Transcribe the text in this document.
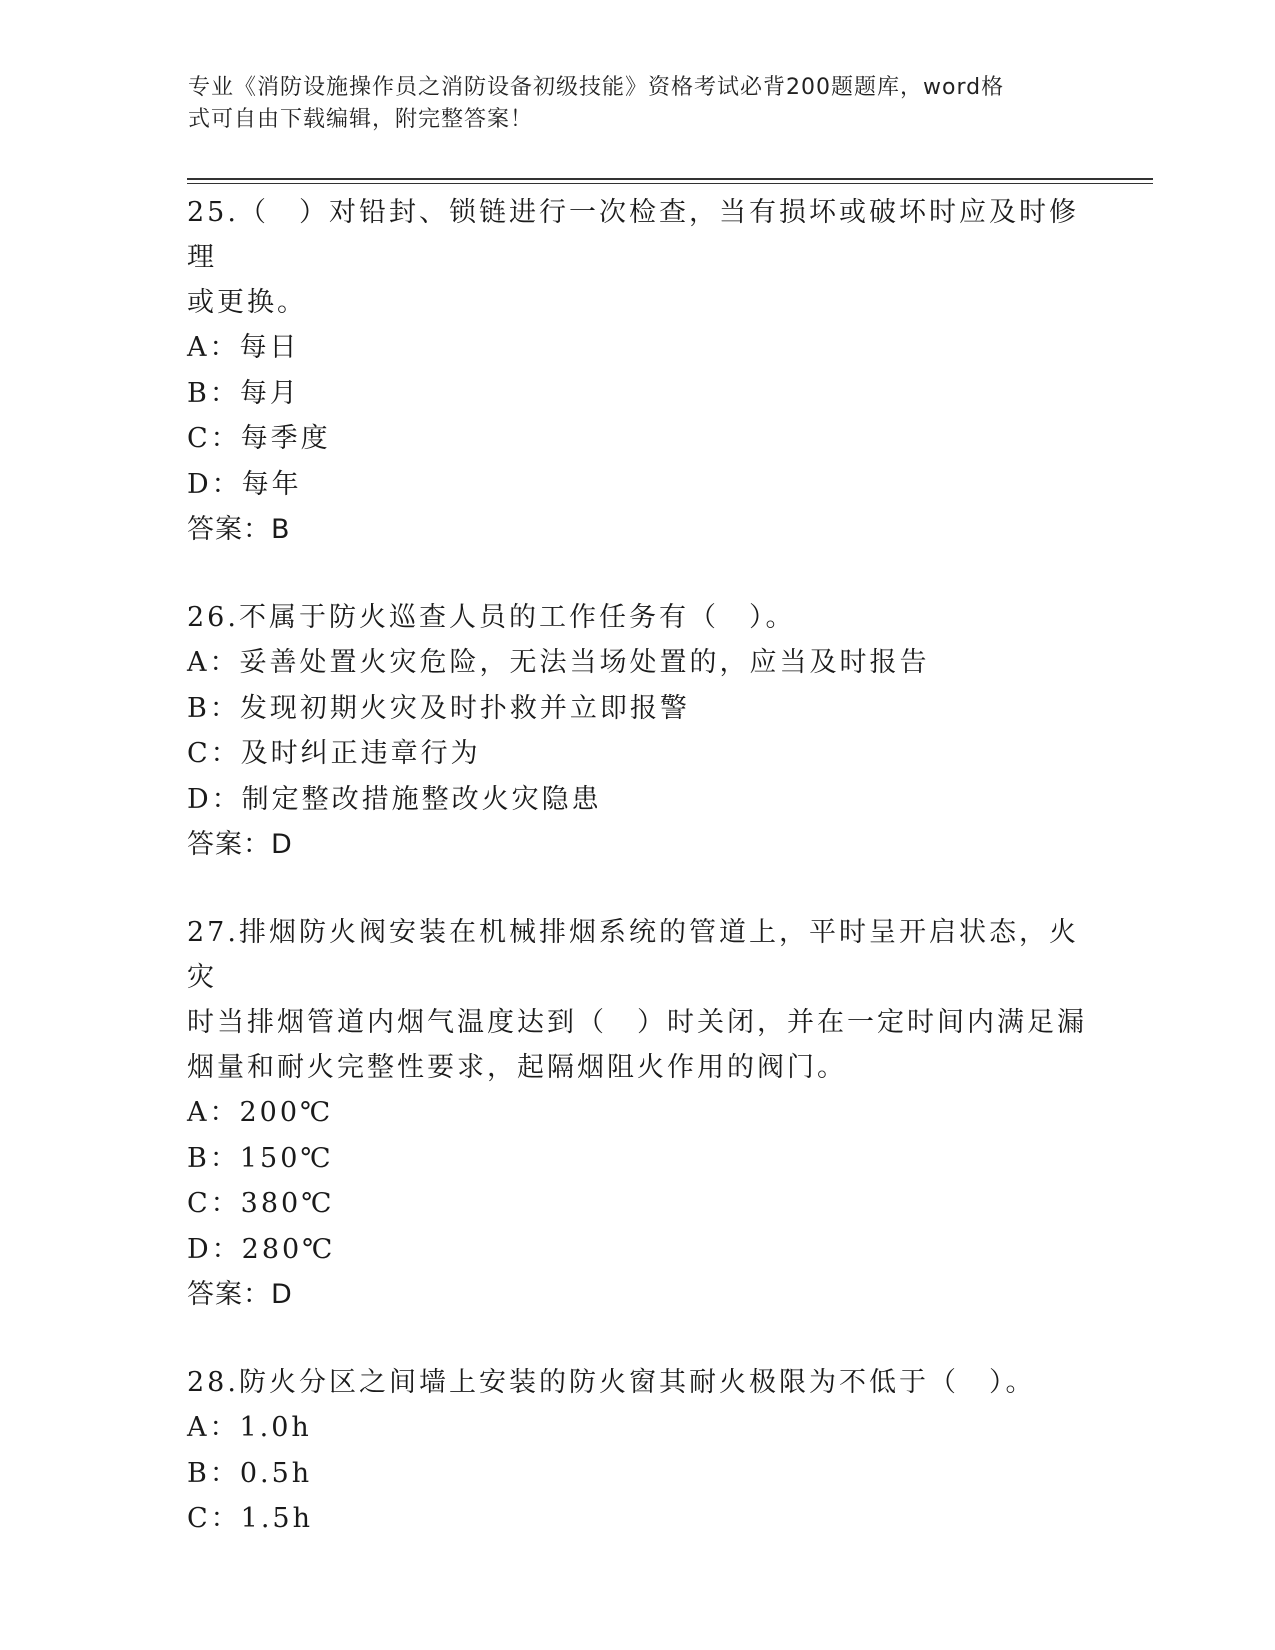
专业《消防设施操作员之消防设备初级技能》资格考试必背200题题库，word格
式可自由下载编辑，附完整答案！

25.（　）对铅封、锁链进行一次检查，当有损坏或破坏时应及时修理

或更换。

A：每日

B：每月

C：每季度

D：每年

答案：B

26.不属于防火巡查人员的工作任务有（　）。

A：妥善处置火灾危险，无法当场处置的，应当及时报告

B：发现初期火灾及时扑救并立即报警

C：及时纠正违章行为

D：制定整改措施整改火灾隐患

答案：D

27.排烟防火阀安装在机械排烟系统的管道上，平时呈开启状态，火灾

时当排烟管道内烟气温度达到（　）时关闭，并在一定时间内满足漏

烟量和耐火完整性要求，起隔烟阻火作用的阀门。

A：200℃

B：150℃

C：380℃

D：280℃

答案：D

28.防火分区之间墙上安装的防火窗其耐火极限为不低于（　）。

A：1.0h

B：0.5h

C：1.5h
